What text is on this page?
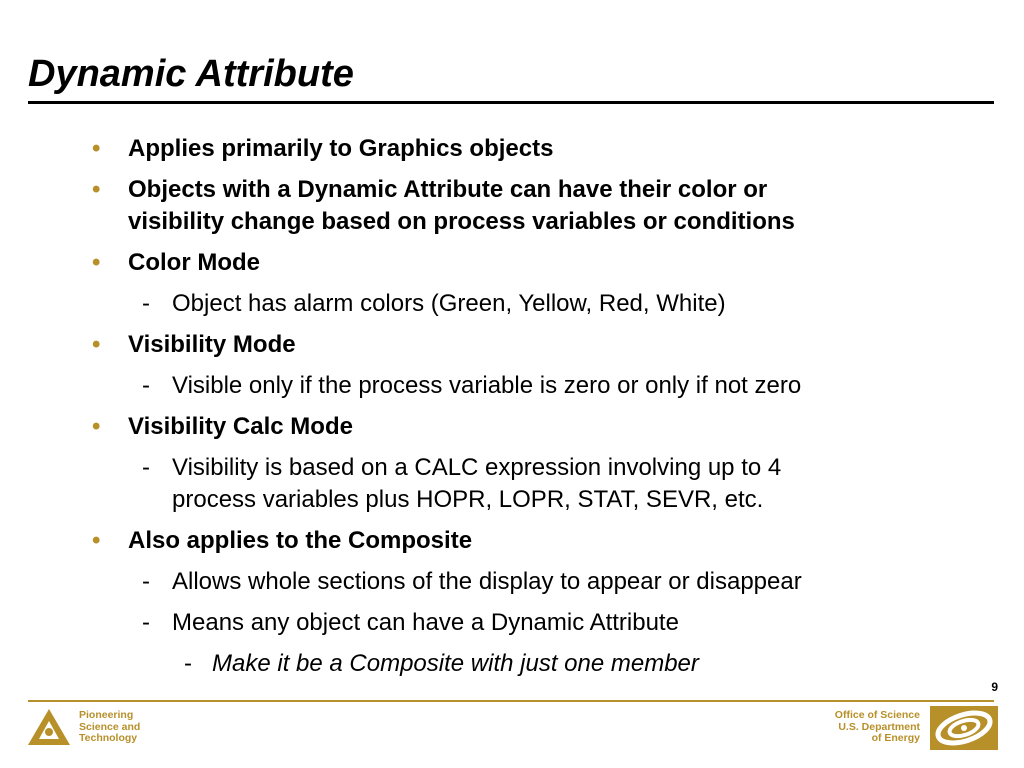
Dynamic Attribute
• Applies primarily to Graphics objects
• Objects with a Dynamic Attribute can have their color or
visibility change based on process variables or conditions
• Color Mode
- Object has alarm colors (Green, Yellow, Red, White)
• Visibility Mode
- Visible only if the process variable is zero or only if not zero
• Visibility Calc Mode
- Visibility is based on a CALC expression involving up to 4
process variables plus HOPR, LOPR, STAT, SEVR, etc.
• Also applies to the Composite
- Allows whole sections of the display to appear or disappear
- Means any object can have a Dynamic Attribute
- Make it be a Composite with just one member
9
Pioneering
Science and
Technology
Office of Science
U.S. Department
of Energy
